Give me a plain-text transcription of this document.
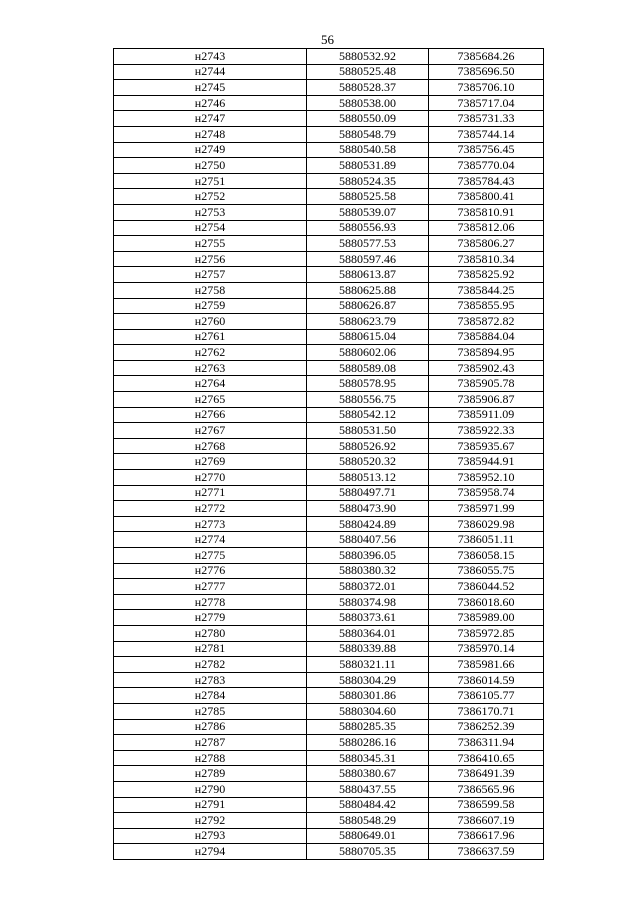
56
н2743	5880532.92	7385684.26
н2744	5880525.48	7385696.50
н2745	5880528.37	7385706.10
н2746	5880538.00	7385717.04
н2747	5880550.09	7385731.33
н2748	5880548.79	7385744.14
н2749	5880540.58	7385756.45
н2750	5880531.89	7385770.04
н2751	5880524.35	7385784.43
н2752	5880525.58	7385800.41
н2753	5880539.07	7385810.91
н2754	5880556.93	7385812.06
н2755	5880577.53	7385806.27
н2756	5880597.46	7385810.34
н2757	5880613.87	7385825.92
н2758	5880625.88	7385844.25
н2759	5880626.87	7385855.95
н2760	5880623.79	7385872.82
н2761	5880615.04	7385884.04
н2762	5880602.06	7385894.95
н2763	5880589.08	7385902.43
н2764	5880578.95	7385905.78
н2765	5880556.75	7385906.87
н2766	5880542.12	7385911.09
н2767	5880531.50	7385922.33
н2768	5880526.92	7385935.67
н2769	5880520.32	7385944.91
н2770	5880513.12	7385952.10
н2771	5880497.71	7385958.74
н2772	5880473.90	7385971.99
н2773	5880424.89	7386029.98
н2774	5880407.56	7386051.11
н2775	5880396.05	7386058.15
н2776	5880380.32	7386055.75
н2777	5880372.01	7386044.52
н2778	5880374.98	7386018.60
н2779	5880373.61	7385989.00
н2780	5880364.01	7385972.85
н2781	5880339.88	7385970.14
н2782	5880321.11	7385981.66
н2783	5880304.29	7386014.59
н2784	5880301.86	7386105.77
н2785	5880304.60	7386170.71
н2786	5880285.35	7386252.39
н2787	5880286.16	7386311.94
н2788	5880345.31	7386410.65
н2789	5880380.67	7386491.39
н2790	5880437.55	7386565.96
н2791	5880484.42	7386599.58
н2792	5880548.29	7386607.19
н2793	5880649.01	7386617.96
н2794	5880705.35	7386637.59
